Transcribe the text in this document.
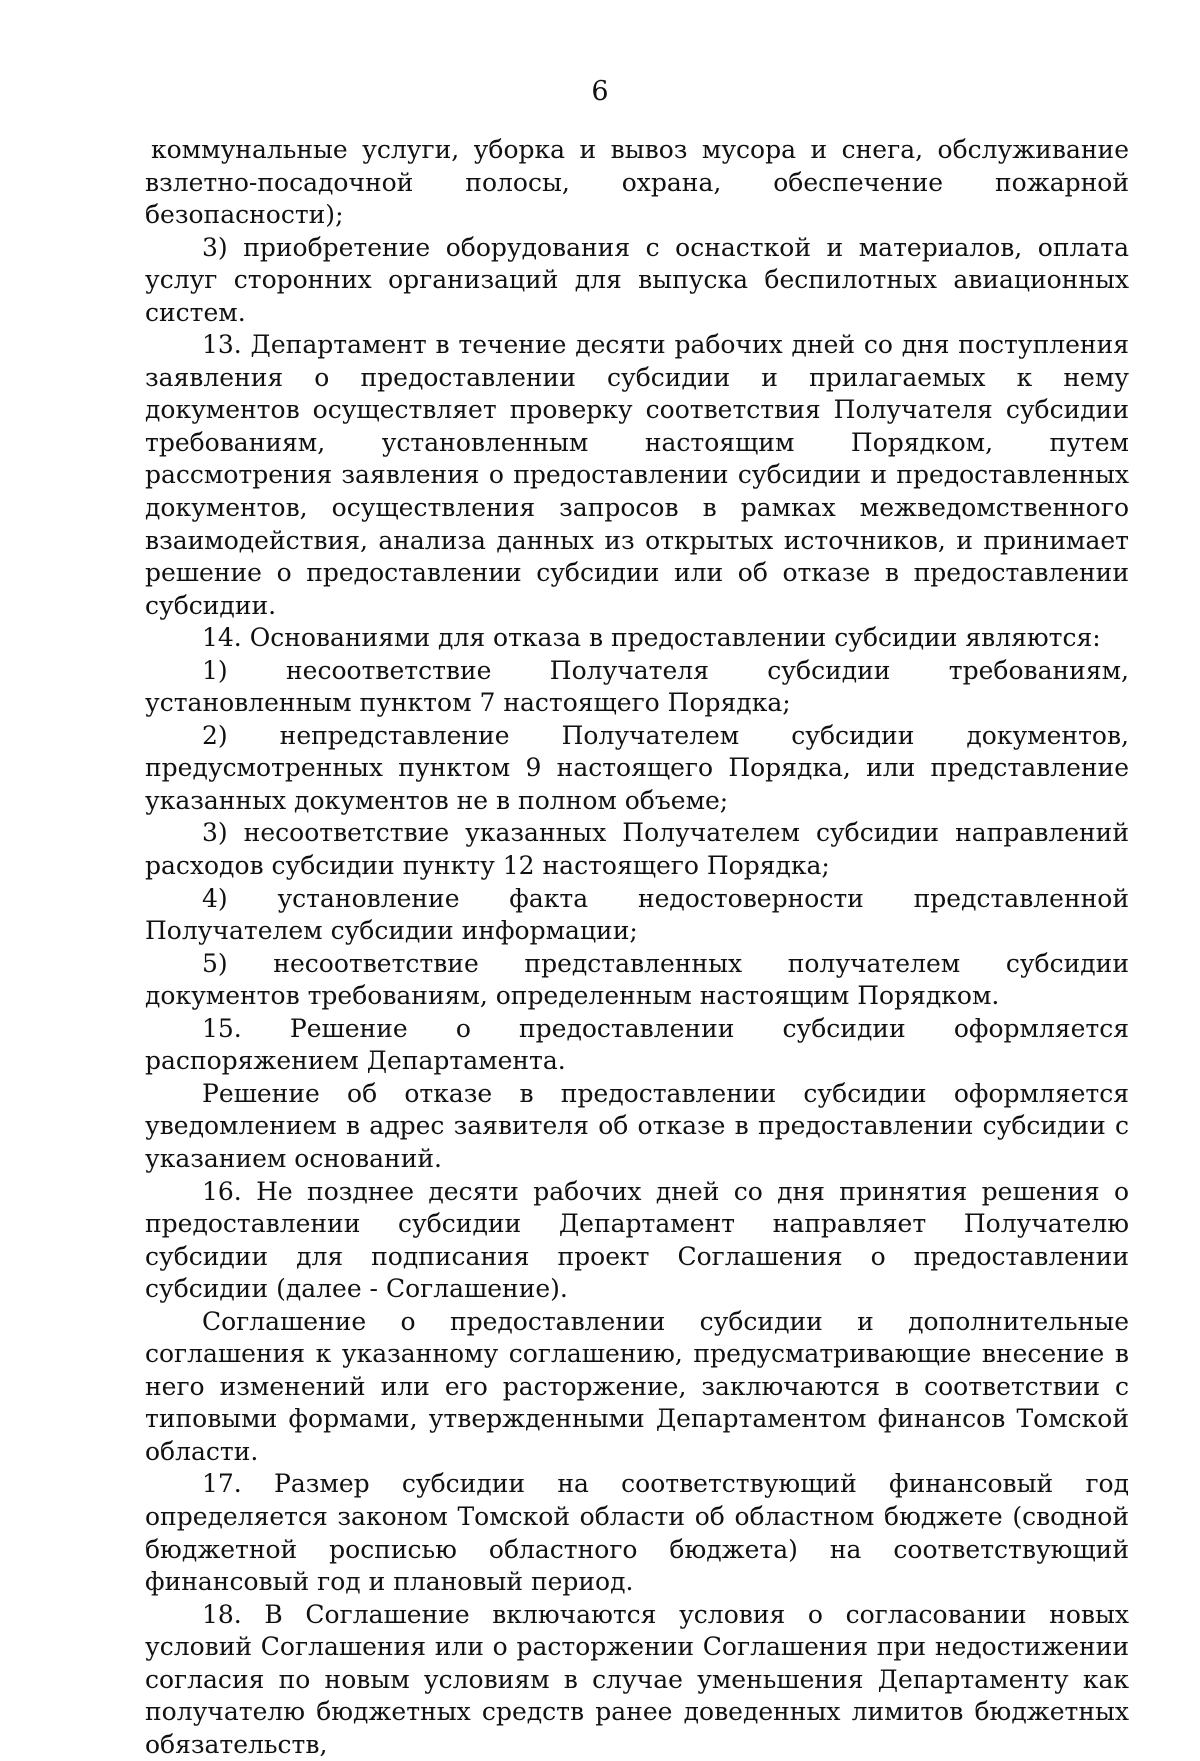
6

коммунальные услуги, уборка и вывоз мусора и снега, обслуживание взлетно-посадочной полосы, охрана, обеспечение пожарной безопасности);

3) приобретение оборудования с оснасткой и материалов, оплата услуг сторонних организаций для выпуска беспилотных авиационных систем.

13. Департамент в течение десяти рабочих дней со дня поступления заявления о предоставлении субсидии и прилагаемых к нему документов осуществляет проверку соответствия Получателя субсидии требованиям, установленным настоящим Порядком, путем рассмотрения заявления о предоставлении субсидии и предоставленных документов, осуществления запросов в рамках межведомственного взаимодействия, анализа данных из открытых источников, и принимает решение о предоставлении субсидии или об отказе в предоставлении субсидии.

14. Основаниями для отказа в предоставлении субсидии являются:

1) несоответствие Получателя субсидии требованиям, установленным пунктом 7 настоящего Порядка;

2) непредставление Получателем субсидии документов, предусмотренных пунктом 9 настоящего Порядка, или представление указанных документов не в полном объеме;

3) несоответствие указанных Получателем субсидии направлений расходов субсидии пункту 12 настоящего Порядка;

4) установление факта недостоверности представленной Получателем субсидии информации;

5) несоответствие представленных получателем субсидии документов требованиям, определенным настоящим Порядком.

15. Решение о предоставлении субсидии оформляется распоряжением Департамента.

Решение об отказе в предоставлении субсидии оформляется уведомлением в адрес заявителя об отказе в предоставлении субсидии с указанием оснований.

16. Не позднее десяти рабочих дней со дня принятия решения о предоставлении субсидии Департамент направляет Получателю субсидии для подписания проект Соглашения о предоставлении субсидии (далее - Соглашение).

Соглашение о предоставлении субсидии и дополнительные соглашения к указанному соглашению, предусматривающие внесение в него изменений или его расторжение, заключаются в соответствии с типовыми формами, утвержденными Департаментом финансов Томской области.

17. Размер субсидии на соответствующий финансовый год определяется законом Томской области об областном бюджете (сводной бюджетной росписью областного бюджета) на соответствующий финансовый год и плановый период.

18. В Соглашение включаются условия о согласовании новых условий Соглашения или о расторжении Соглашения при недостижении согласия по новым условиям в случае уменьшения Департаменту как получателю бюджетных средств ранее доведенных лимитов бюджетных обязательств,
